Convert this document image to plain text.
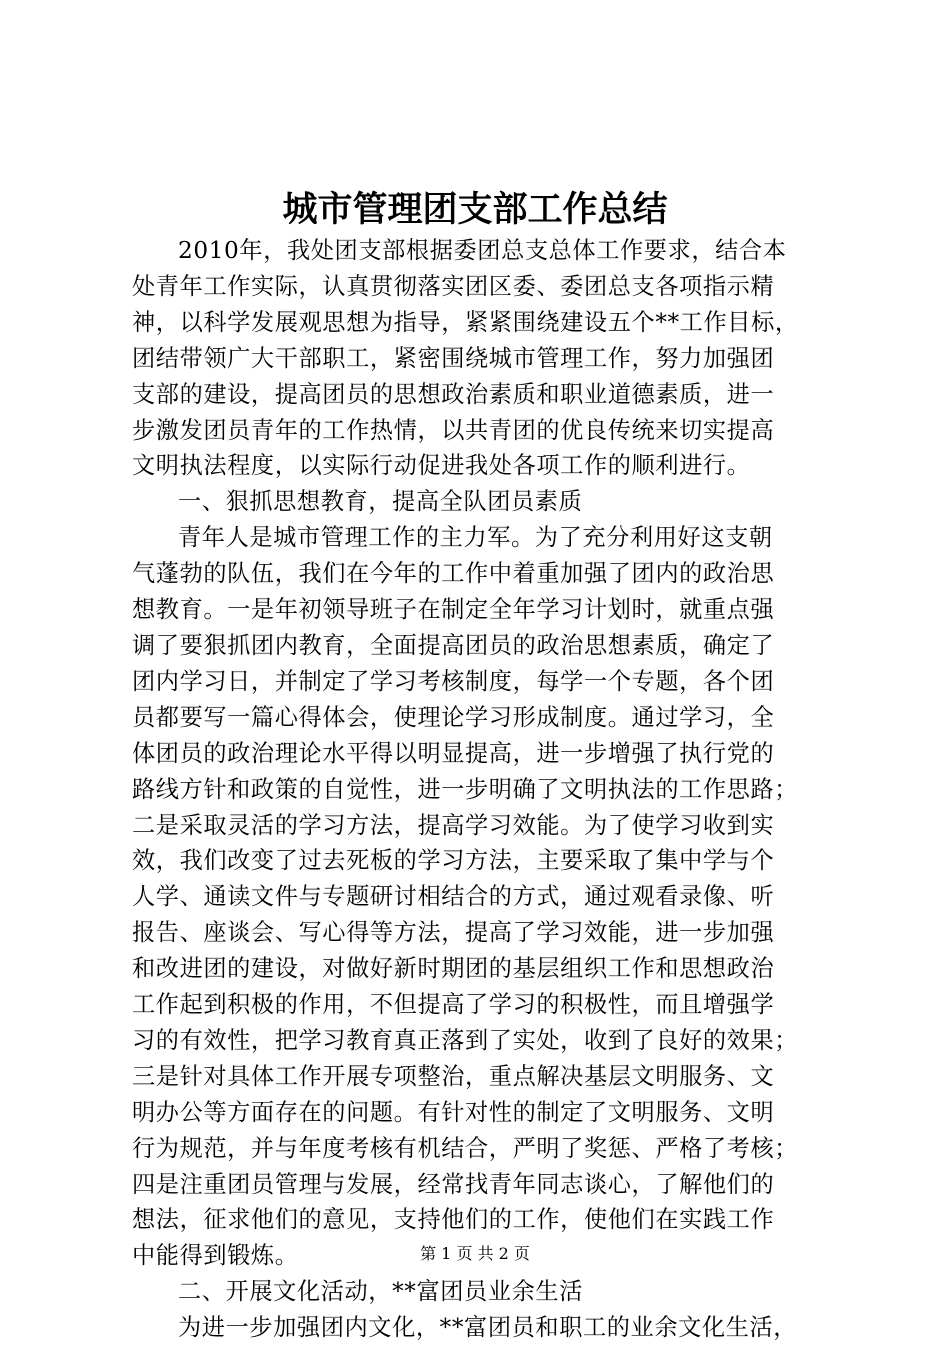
城市管理团支部工作总结

2010年，我处团支部根据委团总支总体工作要求，结合本
处青年工作实际，认真贯彻落实团区委、委团总支各项指示精
神，以科学发展观思想为指导，紧紧围绕建设五个**工作目标，
团结带领广大干部职工，紧密围绕城市管理工作，努力加强团
支部的建设，提高团员的思想政治素质和职业道德素质，进一
步激发团员青年的工作热情，以共青团的优良传统来切实提高
文明执法程度，以实际行动促进我处各项工作的顺利进行。

一、狠抓思想教育，提高全队团员素质

青年人是城市管理工作的主力军。为了充分利用好这支朝
气蓬勃的队伍，我们在今年的工作中着重加强了团内的政治思
想教育。一是年初领导班子在制定全年学习计划时，就重点强
调了要狠抓团内教育，全面提高团员的政治思想素质，确定了
团内学习日，并制定了学习考核制度，每学一个专题，各个团
员都要写一篇心得体会，使理论学习形成制度。通过学习，全
体团员的政治理论水平得以明显提高，进一步增强了执行党的
路线方针和政策的自觉性，进一步明确了文明执法的工作思路；
二是采取灵活的学习方法，提高学习效能。为了使学习收到实
效，我们改变了过去死板的学习方法，主要采取了集中学与个
人学、通读文件与专题研讨相结合的方式，通过观看录像、听
报告、座谈会、写心得等方法，提高了学习效能，进一步加强
和改进团的建设，对做好新时期团的基层组织工作和思想政治
工作起到积极的作用，不但提高了学习的积极性，而且增强学
习的有效性，把学习教育真正落到了实处，收到了良好的效果；
三是针对具体工作开展专项整治，重点解决基层文明服务、文
明办公等方面存在的问题。有针对性的制定了文明服务、文明
行为规范，并与年度考核有机结合，严明了奖惩、严格了考核；
四是注重团员管理与发展，经常找青年同志谈心，了解他们的
想法，征求他们的意见，支持他们的工作，使他们在实践工作
中能得到锻炼。

二、开展文化活动，**富团员业余生活

为进一步加强团内文化，**富团员和职工的业余文化生活，

第 1 页 共 2 页
